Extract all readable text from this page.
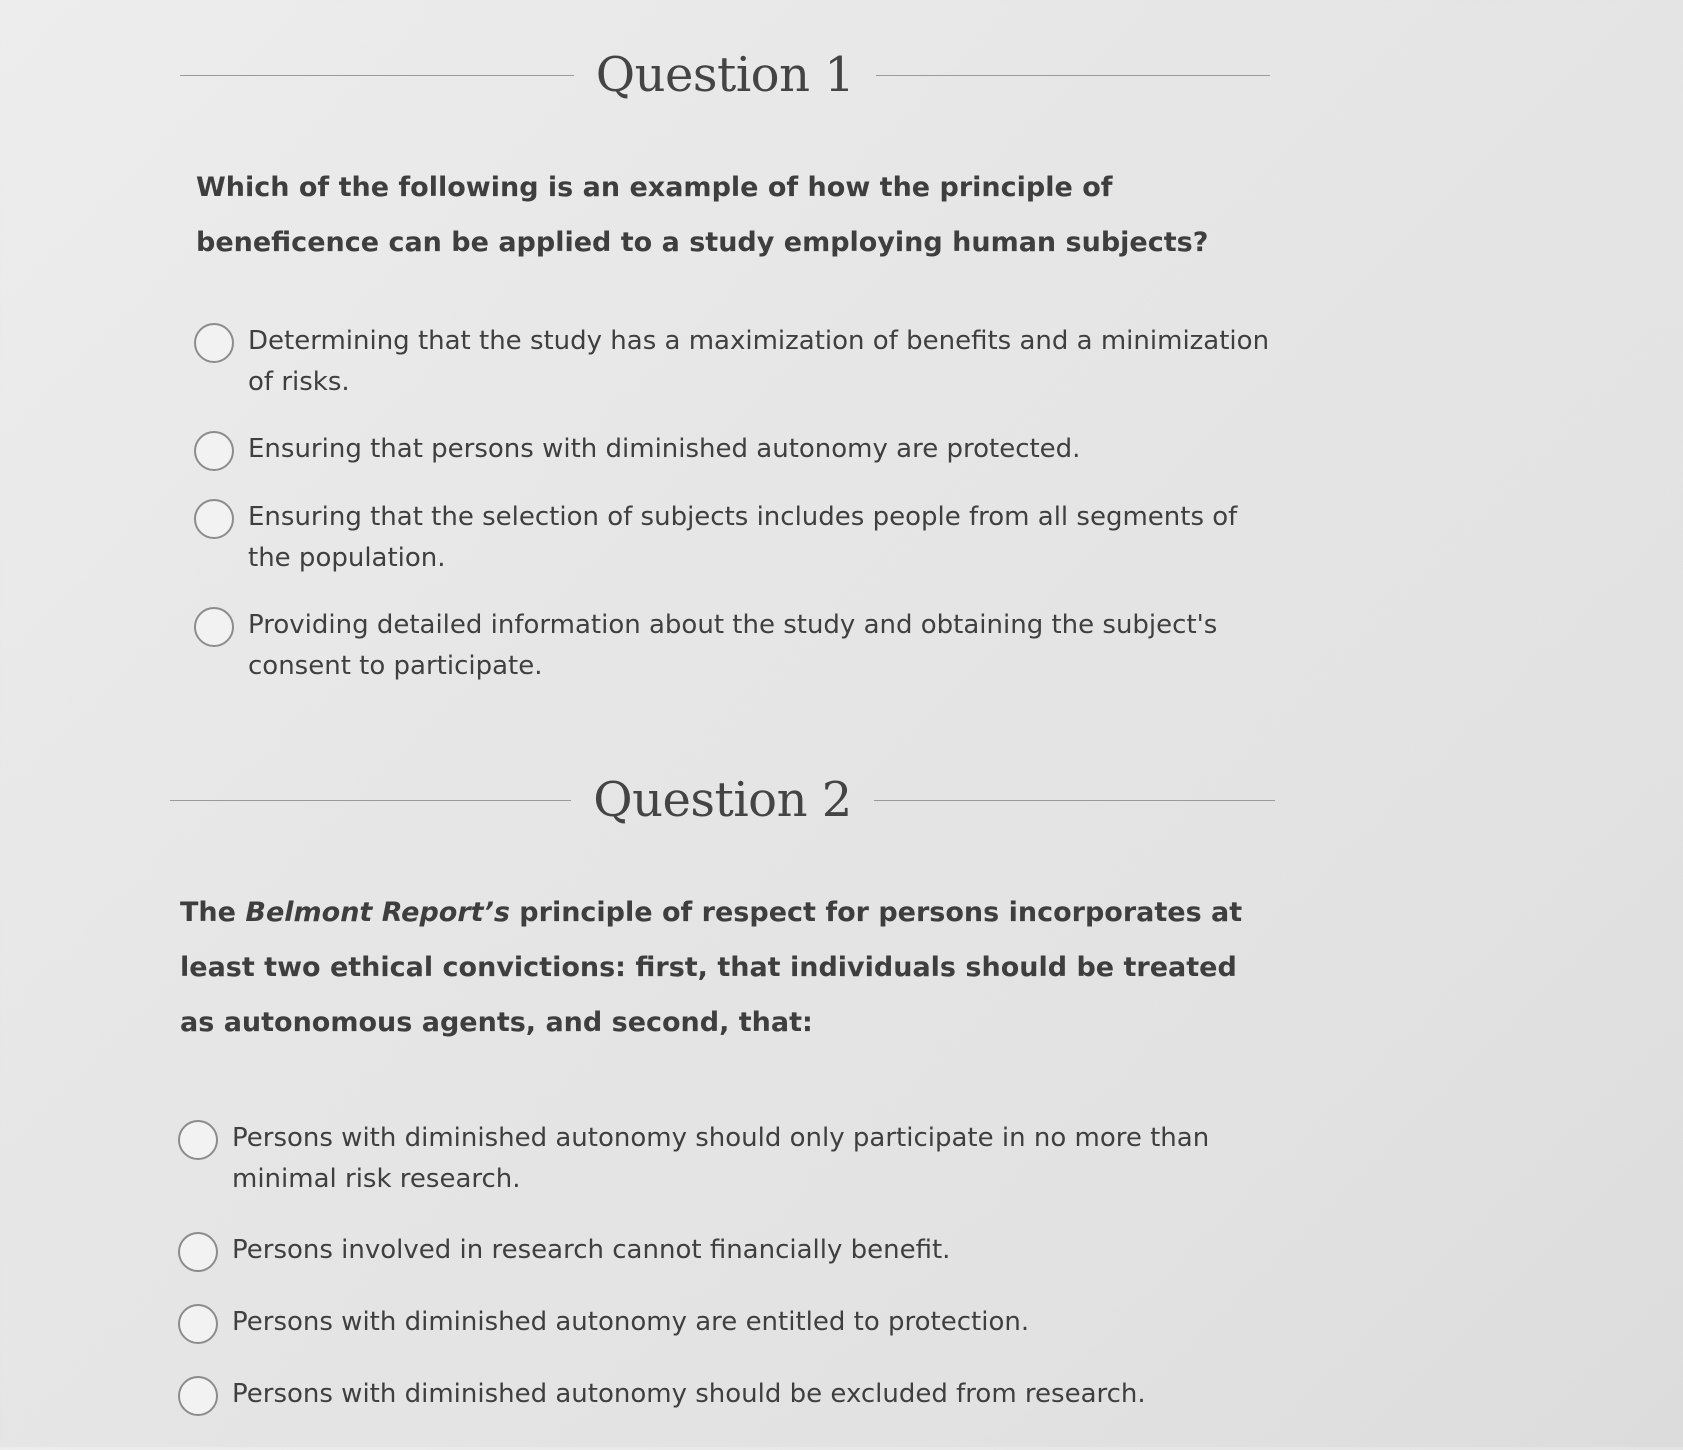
Question 1
Which of the following is an example of how the principle of beneficence can be applied to a study employing human subjects?
Determining that the study has a maximization of benefits and a minimization of risks.
Ensuring that persons with diminished autonomy are protected.
Ensuring that the selection of subjects includes people from all segments of the population.
Providing detailed information about the study and obtaining the subject's consent to participate.
Question 2
The Belmont Report’s principle of respect for persons incorporates at least two ethical convictions: first, that individuals should be treated as autonomous agents, and second, that:
Persons with diminished autonomy should only participate in no more than minimal risk research.
Persons involved in research cannot financially benefit.
Persons with diminished autonomy are entitled to protection.
Persons with diminished autonomy should be excluded from research.
